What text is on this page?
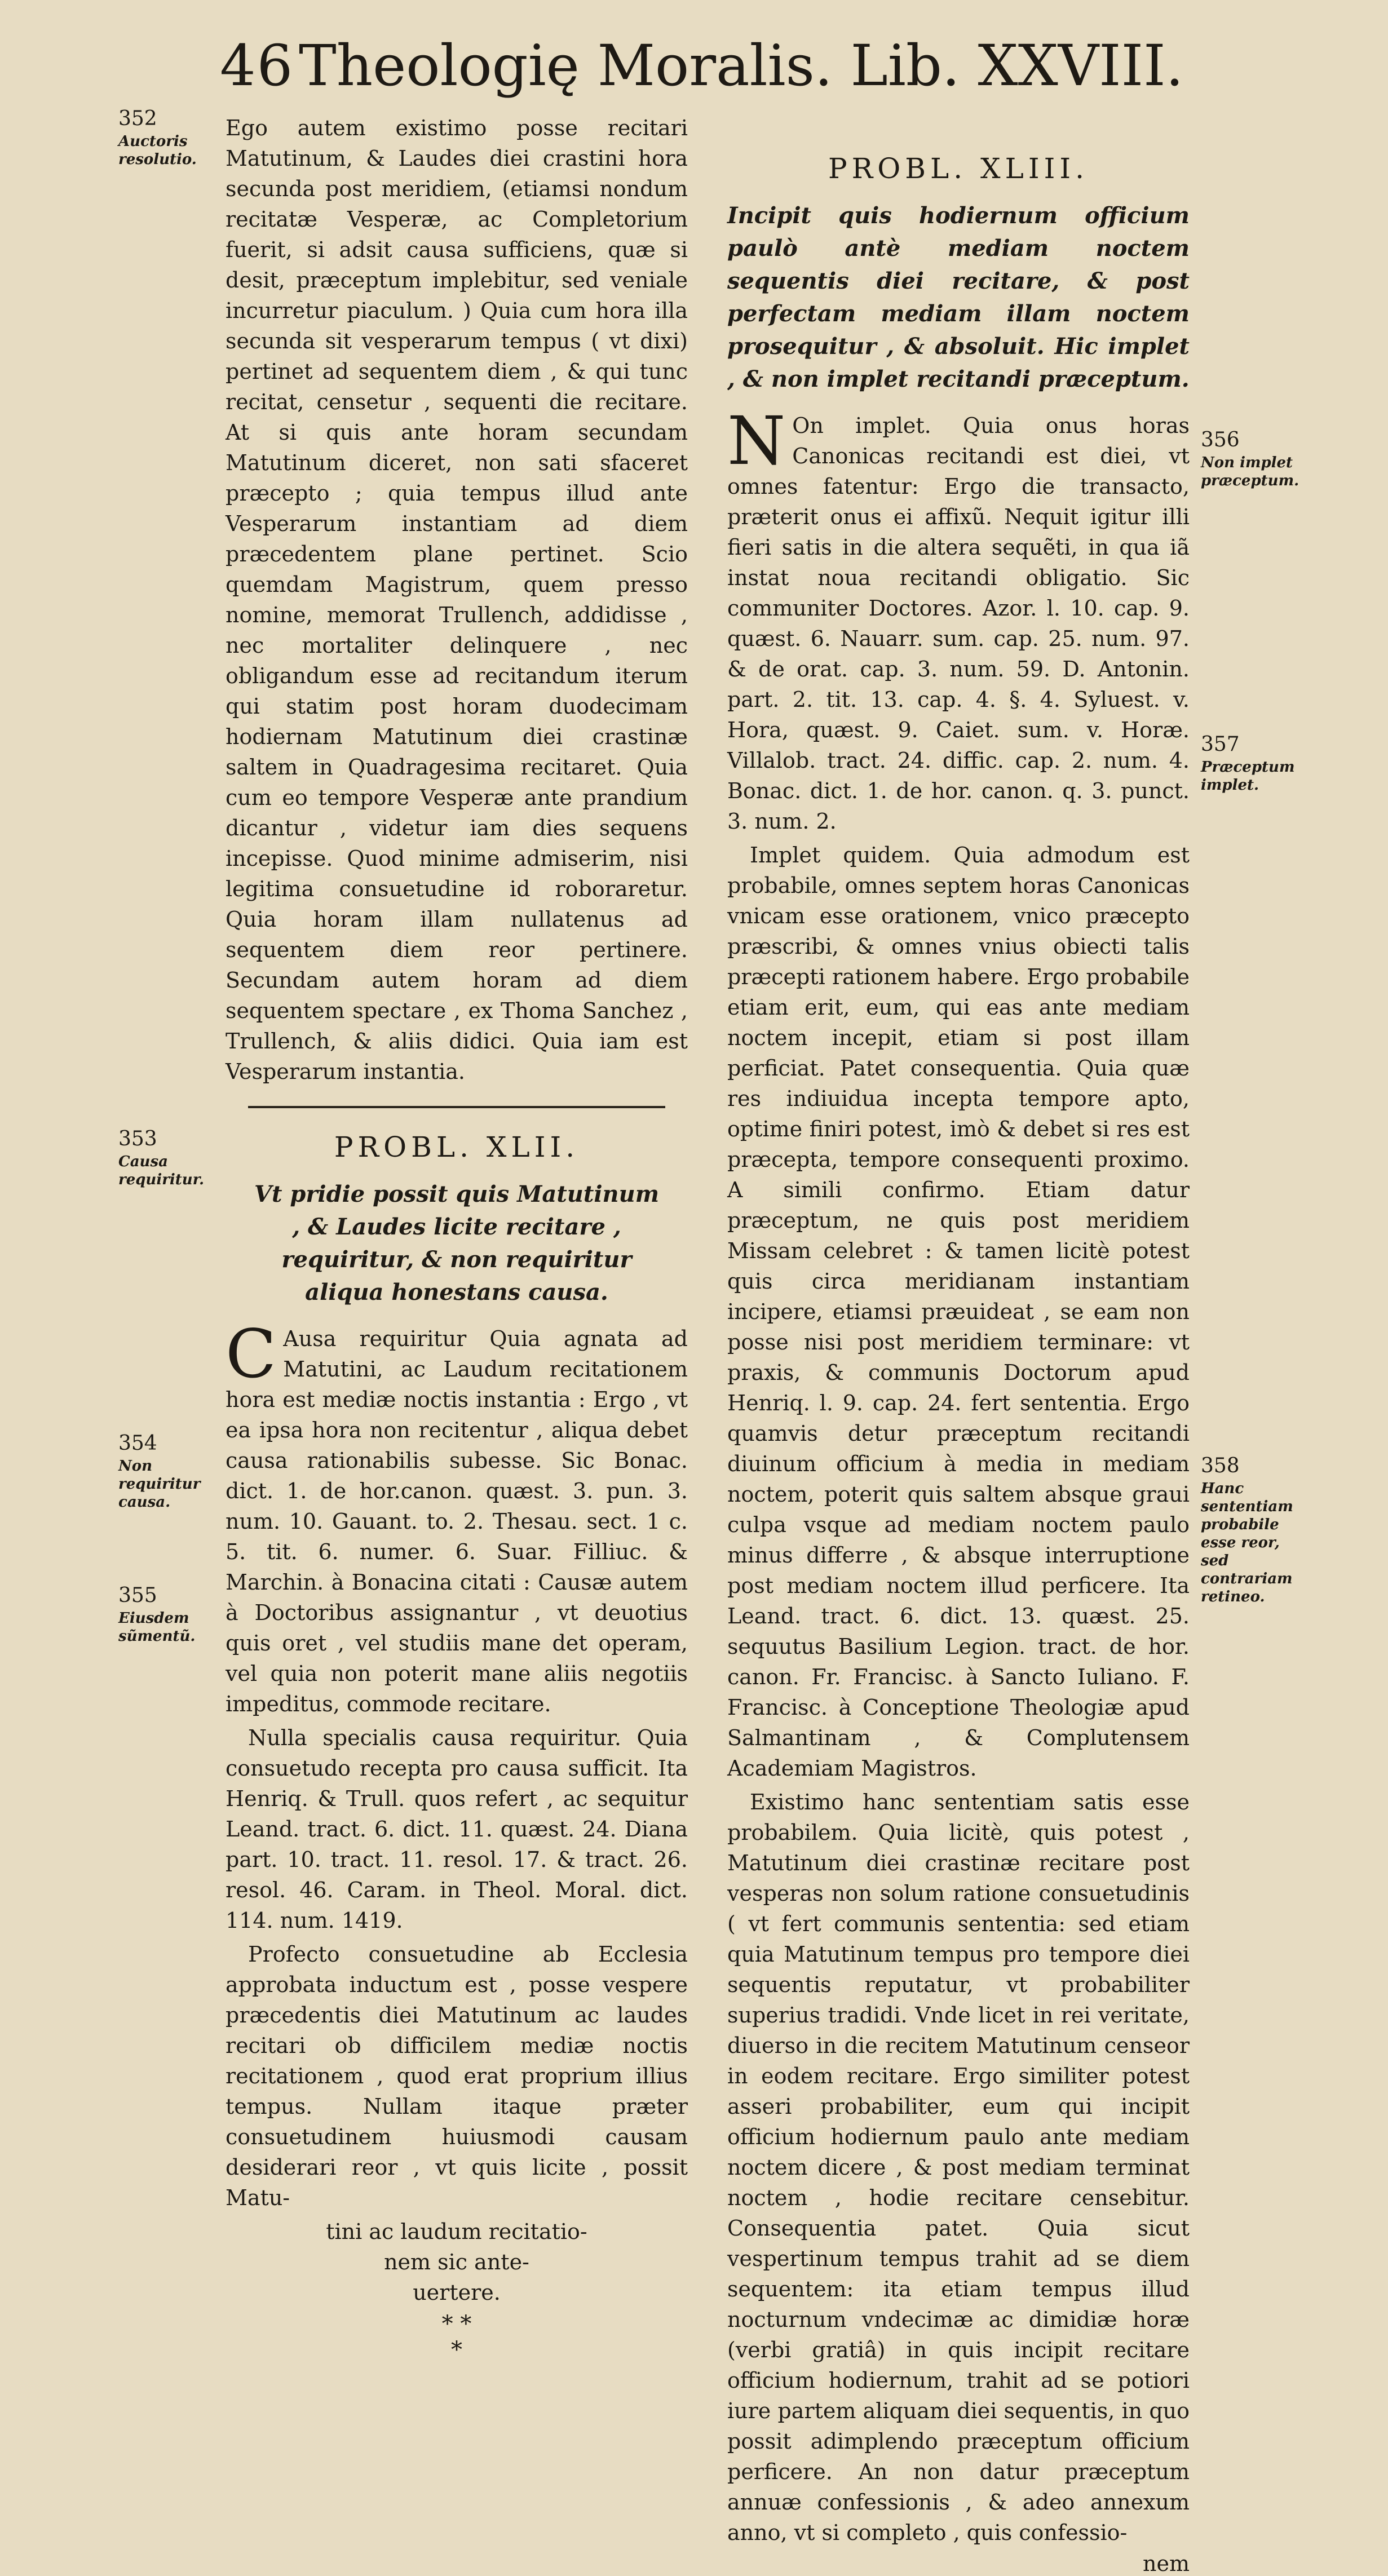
46 Theologię Moralis. Lib. XXVIII.
352
Auctoris resolutio.
353
Causa requiritur.
354
Non requiritur causa.
355
Eiusdem sũmentũ.
356
Non implet præceptum.
357
Præceptum implet.
358
Hanc sententiam probabile esse reor, sed contrariam retineo.

Ego autem existimo posse recitari Matutinum, & Laudes diei crastini hora secunda post meridiem, (etiamsi nondum recitatæ Vesperæ, ac Completorium fuerit, si adsit causa sufficiens, quæ si desit, præceptum implebitur, sed veniale incurretur piaculum. ) Quia cum hora illa secunda sit vesperarum tempus ( vt dixi) pertinet ad sequentem diem , & qui tunc recitat, censetur , sequenti die recitare. At si quis ante horam secundam Matutinum diceret, non sati sfaceret præcepto ; quia tempus illud ante Vesperarum instantiam ad diem præcedentem plane pertinet. Scio quemdam Magistrum, quem presso nomine, memorat Trullench, addidisse , nec mortaliter delinquere , nec obligandum esse ad recitandum iterum qui statim post horam duodecimam hodiernam Matutinum diei crastinæ saltem in Quadragesima recitaret. Quia cum eo tempore Vesperæ ante prandium dicantur , videtur iam dies sequens incepisse. Quod minime admiserim, nisi legitima consuetudine id roboraretur. Quia horam illam nullatenus ad sequentem diem reor pertinere. Secundam autem horam ad diem sequentem spectare , ex Thoma Sanchez , Trullench, & aliis didici. Quia iam est Vesperarum instantia.

PROBL. XLII.
Vt pridie possit quis Matutinum , & Laudes licite recitare , requiritur, & non requiritur aliqua honestans causa.

C Ausa requiritur Quia agnata ad Matutini, ac Laudum recitationem hora est mediæ noctis instantia : Ergo , vt ea ipsa hora non recitentur , aliqua debet causa rationabilis subesse. Sic Bonac. dict. 1. de hor.canon. quæst. 3. pun. 3. num. 10. Gauant. to. 2. Thesau. sect. 1 c. 5. tit. 6. numer. 6. Suar. Filliuc. & Marchin. à Bonacina citati : Causæ autem à Doctoribus assignantur , vt deuotius quis oret , vel studiis mane det operam, vel quia non poterit mane aliis negotiis impeditus, commode recitare.

Nulla specialis causa requiritur. Quia consuetudo recepta pro causa sufficit. Ita Henriq. & Trull. quos refert , ac sequitur Leand. tract. 6. dict. 11. quæst. 24. Diana part. 10. tract. 11. resol. 17. & tract. 26. resol. 46. Caram. in Theol. Moral. dict. 114. num. 1419.

Profecto consuetudine ab Ecclesia approbata inductum est , posse vespere præcedentis diei Matutinum ac laudes recitari ob difficilem mediæ noctis recitationem , quod erat proprium illius tempus. Nullam itaque præter consuetudinem huiusmodi causam desiderari reor , vt quis licite , possit Matu-

tini ac laudum recitatio-
nem sic ante-
uertere.
* *
*
PROBL. XLIII.
Incipit quis hodiernum officium paulò antè mediam noctem sequentis diei recitare, & post perfectam mediam illam noctem prosequitur , & absoluit. Hic implet , & non implet recitandi præceptum.

N On implet. Quia onus horas Canonicas recitandi est diei, vt omnes fatentur: Ergo die transacto, præterit onus ei affixũ. Nequit igitur illi fieri satis in die altera sequẽti, in qua iã instat noua recitandi obligatio. Sic communiter Doctores. Azor. l. 10. cap. 9. quæst. 6. Nauarr. sum. cap. 25. num. 97. & de orat. cap. 3. num. 59. D. Antonin. part. 2. tit. 13. cap. 4. §. 4. Syluest. v. Hora, quæst. 9. Caiet. sum. v. Horæ. Villalob. tract. 24. diffic. cap. 2. num. 4. Bonac. dict. 1. de hor. canon. q. 3. punct. 3. num. 2.

Implet quidem. Quia admodum est probabile, omnes septem horas Canonicas vnicam esse orationem, vnico præcepto præscribi, & omnes vnius obiecti talis præcepti rationem habere. Ergo probabile etiam erit, eum, qui eas ante mediam noctem incepit, etiam si post illam perficiat. Patet consequentia. Quia quæ res indiuidua incepta tempore apto, optime finiri potest, imò & debet si res est præcepta, tempore consequenti proximo. A simili confirmo. Etiam datur præceptum, ne quis post meridiem Missam celebret : & tamen licitè potest quis circa meridianam instantiam incipere, etiamsi præuideat , se eam non posse nisi post meridiem terminare: vt praxis, & communis Doctorum apud Henriq. l. 9. cap. 24. fert sententia. Ergo quamvis detur præceptum recitandi diuinum officium à media in mediam noctem, poterit quis saltem absque graui culpa vsque ad mediam noctem paulo minus differre , & absque interruptione post mediam noctem illud perficere. Ita Leand. tract. 6. dict. 13. quæst. 25. sequutus Basilium Legion. tract. de hor. canon. Fr. Francisc. à Sancto Iuliano. F. Francisc. à Conceptione Theologiæ apud Salmantinam , & Complutensem Academiam Magistros.

Existimo hanc sententiam satis esse probabilem. Quia licitè, quis potest , Matutinum diei crastinæ recitare post vesperas non solum ratione consuetudinis ( vt fert communis sententia: sed etiam quia Matutinum tempus pro tempore diei sequentis reputatur, vt probabiliter superius tradidi. Vnde licet in rei veritate, diuerso in die recitem Matutinum censeor in eodem recitare. Ergo similiter potest asseri probabiliter, eum qui incipit officium hodiernum paulo ante mediam noctem dicere , & post mediam terminat noctem , hodie recitare censebitur. Consequentia patet. Quia sicut vespertinum tempus trahit ad se diem sequentem: ita etiam tempus illud nocturnum vndecimæ ac dimidiæ horæ (verbi gratiâ) in quis incipit recitare officium hodiernum, trahit ad se potiori iure partem aliquam diei sequentis, in quo possit adimplendo præceptum officium perficere. An non datur præceptum annuæ confessionis , & adeo annexum anno, vt si completo , quis confessio-

nem
